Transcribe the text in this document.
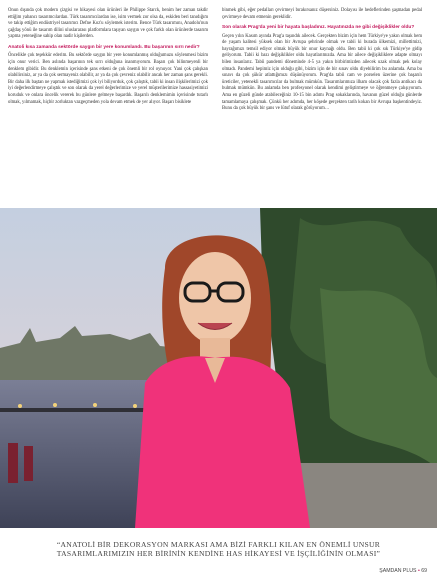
Onun dışında çok modern çizgisi ve hikayesi olan ürünleri ile Philippe Starck, benim her zaman takdir ettiğim yabancı tasarımcılardan. Türk tasarımcılardan ise, isim vermek zor olsa da, eskiden beri tanıdığım ve takip ettiğim endüstriyel tasarımcı Defne Koz'u söylemek isterim. Bence Türk tasarımını, Anadolu'nun çağdaş yönü ile tasarım dilini uluslararası platformlara taşıyan saygın ve çok farklı olan ürünlerde tasarım yapma yeteneğine sahip olan nadir kişilerden.

Anatoli kısa zamanda sektörde saygın bir yere konumlandı. Bu başarının sırrı nedir?

Öncelikle çok teşekkür ederim. Bu sektörde saygın bir yere konumlanmış olduğumuzu söylenmesi bizim için onur verici. Ben aslında başarının tek sırrı olduğuna inanmıyorum. Başarı çok bilinmeyenli bir denklem gibidir. Bu denklemin içerisinde şans etkeni de çok önemli bir rol oynuyor. Yani çok çalışkan olabilirsiniz, ar ya da çok sermayeniz olabilir, ar ya da çok çevreniz olabilir ancak her zaman şans gerekli. Bir daha ilk baştan ne yapmak istediğimizi çok iyi biliyorduk, çok çalıştık, tabii ki insan ilişkilerimizi çok iyi değerlendirmeye çalıştık ve son olarak da yerel değerlerimize ve yerel müşterilerimize hassasiyetimizi koruduk ve onlara öncelik vererek bu günlere gelmeye başardık. Başarılı denklemimin içerisinde tutarlı olmak, yılmamak, hiçbir zorluktan vazgeçmeden yola devam etmek de yer alıyor. Başarı bisiklete

binmek gibi, eğer pedalları çevirmeyi bırakırsanız düşersiniz. Dolayısı ile hedeflerinden şaşmadan pedal çevirmeye devam etmenin gereklidir.

Son olarak Prag'da yeni bir hayata başladınız. Hayatınızda ne gibi değişiklikler oldu?

Geçen yılın Kasım ayında Prag'a taşındık ailecek. Gerçekten bizim için hem Türkiye'ye yakın olmak hem de yaşam kalitesi yüksek olan bir Avrupa şehrinde olmak ve tabii ki burada ülkemizi, millettimizi, bayrağımızı temsil ediyor olmak büyük bir onur kaynağı oldu. Ben tabii ki çok sık Türkiye'ye gidip geliyorum. Tabii ki bazı değişiklikler oldu hayatlarımızda. Ama bir ailece değişikliklere adapte olmayı bilen insanlarız. Tabii pandemi döneminde 4-5 ya yakın birbirimizden ailecek uzak olmak pek kolay olmadı. Pandemi hepimiz için olduğu gibi, bizim için de bir sınav oldu diyebilirim bu anlamda. Ama bu sınavı da çok şükür atlattığımızı düşünüyorum. Prag'da tabii cam ve porselen üzerine çok başarılı üreticiler, yetenekli tasarımcılar da bulmak mümkün. Tasarımlarımıza ilham olacak çok fazla antikacı da bulmak mümkün. Bu anlamda ben profesyonel olarak kendimi geliştirmeye ve öğrenmeye çalışıyorum. Ama en güzeli günde atabileceğiniz 10-15 bin adımı Prag sokaklarında, havanın güzel olduğu günlerde tamamlamaya çalışmak. Çünkü her adımda, her köşede gerçekten tarih kokan bir Avrupa başkentindeyiz. Bunu da çok büyük bir şans ve lütuf olarak görüyorum…

“ANATOLİ BİR DEKORASYON MARKASI AMA BİZİ FARKLI KILAN EN ÖNEMLİ UNSUR TASARIMLARIMIZIN HER BİRİNİN KENDİNE HAS HİKAYESİ VE İŞÇİLİĞİNİN OLMASI”
ŞAMDAN PLUS • 69
